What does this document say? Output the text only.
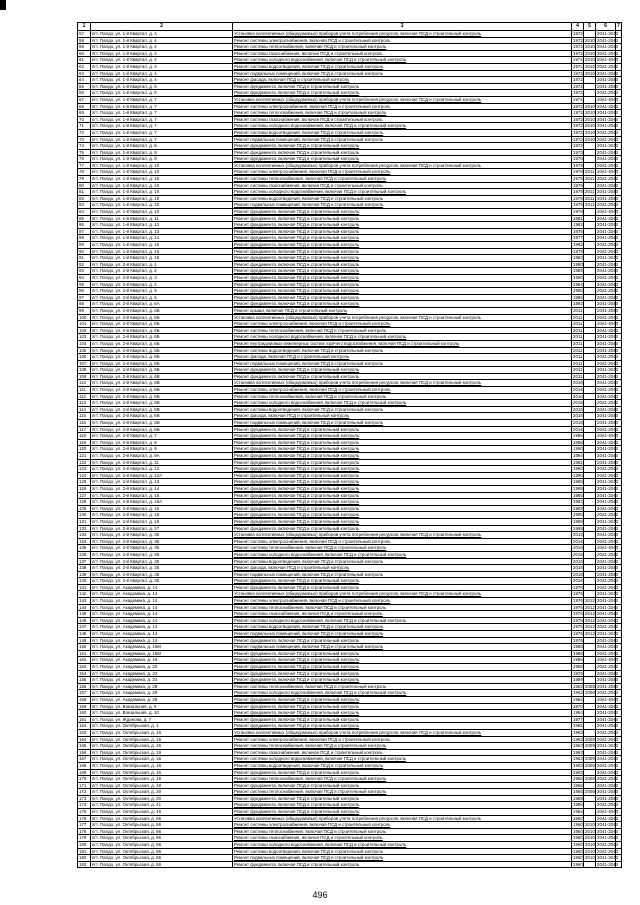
1	2	3	4	5	6	7
57	пгт. Палдо, ул. 1-й Квартал, д. 4	Установка коллективных (общедомовых) приборов учета потребления ресурсов, включая ПСД и строительный контроль	1972		2041-2043	
58	пгт. Палдо, ул. 1-й Квартал, д. 4	Ремонт системы электроснабжения, включая ПСД и строительный контроль	1972	2010	2041-2043	
59	пгт. Палдо, ул. 1-й Квартал, д. 4	Ремонт системы теплоснабжения, включая ПСД и строительный контроль	1972	2010	2041-2043	
60	пгт. Палдо, ул. 1-й Квартал, д. 4	Ремонт системы газоснабжения, включая ПСД и строительный контроль	1972	2010	2041-2043	
61	пгт. Палдо, ул. 1-й Квартал, д. 4	Ремонт системы холодного водоснабжения, включая ПСД и строительный контроль	1972	2010	2041-2043	
62	пгт. Палдо, ул. 1-й Квартал, д. 4	Ремонт системы водоотведения, включая ПСД и строительный контроль	1972	2010	2041-2043	
63	пгт. Палдо, ул. 1-й Квартал, д. 4	Ремонт подвальных помещений, включая ПСД и строительный контроль	1972	2010	2041-2043	
64	пгт. Палдо, ул. 1-й Квартал, д. 4	Ремонт фасада, включая ПСД и строительный контроль	1972		2041-2043	
65	пгт. Палдо, ул. 1-й Квартал, д. 5	Ремонт фундамента, включая ПСД и строительный контроль	1972		2041-2043	
66	пгт. Палдо, ул. 1-й Квартал, д. 6	Ремонт фундамента, включая ПСД и строительный контроль	1972		2041-2043	
67	пгт. Палдо, ул. 1-й Квартал, д. 7	Установка коллективных (общедомовых) приборов учета потребления ресурсов, включая ПСД и строительный контроль	1972		2041-2043	
68	пгт. Палдо, ул. 1-й Квартал, д. 7	Ремонт системы электроснабжения, включая ПСД и строительный контроль	1972	2010	2041-2043	
69	пгт. Палдо, ул. 1-й Квартал, д. 7	Ремонт системы теплоснабжения, включая ПСД и строительный контроль	1972	2010	2041-2043	
70	пгт. Палдо, ул. 1-й Квартал, д. 7	Ремонт системы газоснабжения, включая ПСД и строительный контроль	1972	2010	2041-2043	
71	пгт. Палдо, ул. 1-й Квартал, д. 7	Ремонт системы холодного водоснабжения, включая ПСД и строительный контроль	1972	2010	2041-2043	
72	пгт. Палдо, ул. 1-й Квартал, д. 7	Ремонт системы водоотведения, включая ПСД и строительный контроль	1972	2010	2041-2043	
73	пгт. Палдо, ул. 1-й Квартал, д. 7	Ремонт подвальных помещений, включая ПСД и строительный контроль	1972	2010	2041-2043	
74	пгт. Палдо, ул. 1-й Квартал, д. 8	Ремонт фундамента, включая ПСД и строительный контроль	1972		2041-2043	
75	пгт. Палдо, ул. 1-й Квартал, д. 9	Ремонт фундамента, включая ПСД и строительный контроль	1973		2041-2043	
76	пгт. Палдо, ул. 1-й Квартал, д. 9	Ремонт фундамента, включая ПСД и строительный контроль	1976		2041-2043	
77	пгт. Палдо, ул. 1-й Квартал, д. 10	Установка коллективных (общедомовых) приборов учета потребления ресурсов, включая ПСД и строительный контроль	1979		2041-2043	
78	пгт. Палдо, ул. 1-й Квартал, д. 10	Ремонт системы электроснабжения, включая ПСД и строительный контроль	1979	2011	2041-2043	
79	пгт. Палдо, ул. 1-й Квартал, д. 10	Ремонт системы теплоснабжения, включая ПСД и строительный контроль	1979	2011	2041-2043	
80	пгт. Палдо, ул. 1-й Квартал, д. 10	Ремонт системы газоснабжения, включая ПСД и строительный контроль	1979		2041-2043	
81	пгт. Палдо, ул. 1-й Квартал, д. 10	Ремонт системы холодного водоснабжения, включая ПСД и строительный контроль	1979	2011	2041-2043	
82	пгт. Палдо, ул. 1-й Квартал, д. 10	Ремонт системы водоотведения, включая ПСД и строительный контроль	1979	2011	2041-2043	
83	пгт. Палдо, ул. 1-й Квартал, д. 10	Ремонт подвальных помещений, включая ПСД и строительный контроль	1979	2011	2041-2043	
84	пгт. Палдо, ул. 1-й Квартал, д. 10	Ремонт фундамента, включая ПСД и строительный контроль	1979		2041-2043	
85	пгт. Палдо, ул. 1-й Квартал, д. 11	Ремонт фундамента, включая ПСД и строительный контроль	1981		2041-2043	
86	пгт. Палдо, ул. 1-й Квартал, д. 12	Ремонт фундамента, включая ПСД и строительный контроль	1982		2041-2043	
87	пгт. Палдо, ул. 1-й Квартал, д. 13	Ремонт фундамента, включая ПСД и строительный контроль	1975		2041-2043	
88	пгт. Палдо, ул. 1-й Квартал, д. 14	Ремонт фундамента, включая ПСД и строительный контроль	1977		2041-2043	
89	пгт. Палдо, ул. 1-й Квартал, д. 15	Ремонт фундамента, включая ПСД и строительный контроль	1982		2041-2043	
90	пгт. Палдо, ул. 1-й Квартал, д. 16	Ремонт фундамента, включая ПСД и строительный контроль	1978		2041-2043	
91	пгт. Палдо, ул. 1-й Квартал, д. 18	Ремонт фундамента, включая ПСД и строительный контроль	1982		2041-2043	
92	пгт. Палдо, ул. 2-й Квартал, д. 1	Ремонт фундамента, включая ПСД и строительный контроль	1990		2041-2043	
93	пгт. Палдо, ул. 2-й Квартал, д. 2	Ремонт фундамента, включая ПСД и строительный контроль	1989		2041-2043	
94	пгт. Палдо, ул. 2-й Квартал, д. 3	Ремонт фундамента, включая ПСД и строительный контроль	1990		2041-2043	
95	пгт. Палдо, ул. 2-й Квартал, д. 4	Ремонт фундамента, включая ПСД и строительный контроль	1984		2041-2043	
96	пгт. Палдо, ул. 2-й Квартал, д. 5	Ремонт фундамента, включая ПСД и строительный контроль	1985		2041-2043	
97	пгт. Палдо, ул. 2-й Квартал, д. 6	Ремонт фундамента, включая ПСД и строительный контроль	1986		2041-2043	
98	пгт. Палдо, ул. 2-й Квартал, д. 6А	Ремонт фундамента, включая ПСД и строительный контроль	1992		2041-2043	
99	пгт. Палдо, ул. 2-й Квартал, д. 6Б	Ремонт крыши, включая ПСД и строительный контроль	2011		2041-2043	
100	пгт. Палдо, ул. 2-й Квартал, д. 6Б	Установка коллективных (общедомовых) приборов учета потребления ресурсов, включая ПСД и строительный контроль	2011		2041-2043	
101	пгт. Палдо, ул. 2-й Квартал, д. 6Б	Ремонт системы электроснабжения, включая ПСД и строительный контроль	2011		2041-2043	
102	пгт. Палдо, ул. 2-й Квартал, д. 6Б	Ремонт системы теплоснабжения, включая ПСД и строительный контроль	2011		2041-2043	
103	пгт. Палдо, ул. 2-й Квартал, д. 6Б	Ремонт системы холодного водоснабжения, включая ПСД и строительный контроль	2011		2041-2043	
104	пгт. Палдо, ул. 2-й Квартал, д. 6Б	Ремонт внутридомовых инженерных систем горячего водоснабжения, включая ПСД и строительный контроль	2011		2041-2043	
105	пгт. Палдо, ул. 2-й Квартал, д. 6Б	Ремонт системы водоотведения, включая ПСД и строительный контроль	2011		2041-2043	
106	пгт. Палдо, ул. 2-й Квартал, д. 6Б	Ремонт фасада, включая ПСД и строительный контроль	2011		2041-2043	
107	пгт. Палдо, ул. 2-й Квартал, д. 6Б	Ремонт подвальных помещений, включая ПСД и строительный контроль	2011		2041-2043	
108	пгт. Палдо, ул. 2-й Квартал, д. 6Б	Ремонт фундамента, включая ПСД и строительный контроль	2011		2041-2043	
109	пгт. Палдо, ул. 2-й Квартал, д. 6В	Ремонт фундамента, включая ПСД и строительный контроль	2011		2041-2043	
110	пгт. Палдо, ул. 2-й Квартал, д. 6В	Установка коллективных (общедомовых) приборов учета потребления ресурсов, включая ПСД и строительный контроль	2016		2041-2043	
111	пгт. Палдо, ул. 2-й Квартал, д. 6В	Ремонт системы электроснабжения, включая ПСД и строительный контроль	2016		2041-2043	
112	пгт. Палдо, ул. 2-й Квартал, д. 6В	Ремонт системы теплоснабжения, включая ПСД и строительный контроль	2016		2041-2043	
113	пгт. Палдо, ул. 2-й Квартал, д. 6В	Ремонт системы холодного водоснабжения, включая ПСД и строительный контроль	2016		2041-2043	
114	пгт. Палдо, ул. 2-й Квартал, д. 6В	Ремонт системы водоотведения, включая ПСД и строительный контроль	2016		2041-2043	
115	пгт. Палдо, ул. 2-й Квартал, д. 6В	Ремонт фасада, включая ПСД и строительный контроль	2016		2041-2043	
116	пгт. Палдо, ул. 2-й Квартал, д. 6В	Ремонт подвальных помещений, включая ПСД и строительный контроль	2016		2041-2043	
117	пгт. Палдо, ул. 2-й Квартал, д. 6В	Ремонт фундамента, включая ПСД и строительный контроль	2016		2041-2043	
118	пгт. Палдо, ул. 2-й Квартал, д. 7	Ремонт фундамента, включая ПСД и строительный контроль	1986		2041-2043	
119	пгт. Палдо, ул. 2-й Квартал, д. 8	Ремонт фундамента, включая ПСД и строительный контроль	1988		2041-2043	
120	пгт. Палдо, ул. 2-й Квартал, д. 9	Ремонт фундамента, включая ПСД и строительный контроль	1990		2041-2043	
121	пгт. Палдо, ул. 2-й Квартал, д. 9А	Ремонт фундамента, включая ПСД и строительный контроль	1994		2041-2043	
122	пгт. Палдо, ул. 2-й Квартал, д. 11	Ремонт фундамента, включая ПСД и строительный контроль	1981		2041-2043	
123	пгт. Палдо, ул. 2-й Квартал, д. 12	Ремонт фундамента, включая ПСД и строительный контроль	1980		2041-2043	
124	пгт. Палдо, ул. 2-й Квартал, д. 12А	Ремонт фундамента, включая ПСД и строительный контроль	1990		2041-2043	
125	пгт. Палдо, ул. 2-й Квартал, д. 13	Ремонт фундамента, включая ПСД и строительный контроль	1985		2041-2043	
126	пгт. Палдо, ул. 2-й Квартал, д. 14	Ремонт фундамента, включая ПСД и строительный контроль	1989		2041-2043	
127	пгт. Палдо, ул. 2-й Квартал, д. 15	Ремонт фундамента, включая ПСД и строительный контроль	1985		2041-2043	
128	пгт. Палдо, ул. 2-й Квартал, д. 15А	Ремонт фундамента, включая ПСД и строительный контроль	1983		2041-2043	
129	пгт. Палдо, ул. 2-й Квартал, д. 16	Ремонт фундамента, включая ПСД и строительный контроль	1993		2041-2043	
130	пгт. Палдо, ул. 2-й Квартал, д. 18	Ремонт фундамента, включая ПСД и строительный контроль	1995		2041-2043	
131	пгт. Палдо, ул. 2-й Квартал, д. 19	Ремонт фундамента, включая ПСД и строительный контроль	1989		2041-2043	
132	пгт. Палдо, ул. 2-й Квартал, д. 27	Ремонт фундамента, включая ПСД и строительный контроль	1995		2041-2043	
133	пгт. Палдо, ул. 2-й Квартал, д. 35	Установка коллективных (общедомовых) приборов учета потребления ресурсов, включая ПСД и строительный контроль	2016		2041-2043	
134	пгт. Палдо, ул. 2-й Квартал, д. 35	Ремонт системы электроснабжения, включая ПСД и строительный контроль	2016		2041-2043	
135	пгт. Палдо, ул. 2-й Квартал, д. 35	Ремонт системы теплоснабжения, включая ПСД и строительный контроль	2016		2041-2043	
136	пгт. Палдо, ул. 2-й Квартал, д. 35	Ремонт системы холодного водоснабжения, включая ПСД и строительный контроль	2016		2041-2043	
137	пгт. Палдо, ул. 2-й Квартал, д. 35	Ремонт системы водоотведения, включая ПСД и строительный контроль	2016		2041-2043	
138	пгт. Палдо, ул. 2-й Квартал, д. 35	Ремонт фасада, включая ПСД и строительный контроль	2016		2041-2043	
139	пгт. Палдо, ул. 2-й Квартал, д. 35	Ремонт подвальных помещений, включая ПСД и строительный контроль	2016		2041-2043	
140	пгт. Палдо, ул. 2-й Квартал, д. 35	Ремонт фундамента, включая ПСД и строительный контроль	2016		2041-2043	
141	пгт. Палдо, ул. Академика, д. 14	Ремонт фундамента, включая ПСД и строительный контроль	1976		2041-2043	
142	пгт. Палдо, ул. Академика, д. 14	Установка коллективных (общедомовых) приборов учета потребления ресурсов, включая ПСД и строительный контроль	1976		2041-2043	
143	пгт. Палдо, ул. Академика, д. 14	Ремонт системы электроснабжения, включая ПСД и строительный контроль	1976	2012	2041-2043	
144	пгт. Палдо, ул. Академика, д. 14	Ремонт системы теплоснабжения, включая ПСД и строительный контроль	1976	2012	2041-2043	
145	пгт. Палдо, ул. Академика, д. 14	Ремонт системы газоснабжения, включая ПСД и строительный контроль	1976	2012	2041-2043	
146	пгт. Палдо, ул. Академика, д. 14	Ремонт системы холодного водоснабжения, включая ПСД и строительный контроль	1976	2012	2041-2043	
147	пгт. Палдо, ул. Академика, д. 14	Ремонт системы водоотведения, включая ПСД и строительный контроль	1976	2012	2041-2043	
148	пгт. Палдо, ул. Академика, д. 14	Ремонт подвальных помещений, включая ПСД и строительный контроль	1976	2012	2041-2043	
149	пгт. Палдо, ул. Академика, д. 14	Ремонт фундамента, включая ПСД и строительный контроль	1976		2041-2043	
150	пгт. Палдо, ул. Академика, д. 16М	Ремонт подвальных помещений, включая ПСД и строительный контроль	1988		2041-2043	
151	пгт. Палдо, ул. Академика, д. 16М	Ремонт фундамента, включая ПСД и строительный контроль	1988		2041-2043	
152	пгт. Палдо, ул. Академика, д. 18	Ремонт фундамента, включая ПСД и строительный контроль	1986		2041-2043	
153	пгт. Палдо, ул. Академика, д. 20	Ремонт фундамента, включая ПСД и строительный контроль	1988		2041-2043	
154	пгт. Палдо, ул. Академика, д. 22	Ремонт фундамента, включая ПСД и строительный контроль	1976		2041-2043	
155	пгт. Палдо, ул. Академика, д. 24	Ремонт фундамента, включая ПСД и строительный контроль	1989		2041-2043	
156	пгт. Палдо, ул. Академика, д. 28	Ремонт системы теплоснабжения, включая ПСД и строительный контроль	1962	2008	2041-2043	
157	пгт. Палдо, ул. Академика, д. 28	Ремонт системы холодного водоснабжения, включая ПСД и строительный контроль	1962	2008	2041-2043	
158	пгт. Палдо, ул. Академика, д. 28	Ремонт фундамента, включая ПСД и строительный контроль	1962		2041-2043	
159	пгт. Палдо, ул. Вокзальная, д. 8	Ремонт фундамента, включая ПСД и строительный контроль	1970		2041-2043	
160	пгт. Палдо, ул. Вокзальная, д. 10	Ремонт фундамента, включая ПСД и строительный контроль	1964		2041-2043	
161	пгт. Палдо, ул. Жданова, д. 7	Ремонт фундамента, включая ПСД и строительный контроль	1977		2041-2043	
162	пгт. Палдо, ул. Октябрьская, д. 1	Ремонт фундамента, включая ПСД и строительный контроль	1985		2041-2043	
163	пгт. Палдо, ул. Октябрьская, д. 16	Установка коллективных (общедомовых) приборов учета потребления ресурсов, включая ПСД и строительный контроль	1963		2041-2043	
164	пгт. Палдо, ул. Октябрьская, д. 16	Ремонт системы электроснабжения, включая ПСД и строительный контроль	1963	2009	2041-2043	
165	пгт. Палдо, ул. Октябрьская, д. 16	Ремонт системы теплоснабжения, включая ПСД и строительный контроль	1963	2009	2041-2043	
166	пгт. Палдо, ул. Октябрьская, д. 16	Ремонт системы газоснабжения, включая ПСД и строительный контроль	1963		2041-2043	
167	пгт. Палдо, ул. Октябрьская, д. 16	Ремонт системы холодного водоснабжения, включая ПСД и строительный контроль	1963	2009	2041-2043	
168	пгт. Палдо, ул. Октябрьская, д. 16	Ремонт системы водоотведения, включая ПСД и строительный контроль	1963	2009	2041-2043	
169	пгт. Палдо, ул. Октябрьская, д. 16	Ремонт фундамента, включая ПСД и строительный контроль	1963		2041-2043	
170	пгт. Палдо, ул. Октябрьская, д. 18	Ремонт системы теплоснабжения, включая ПСД и строительный контроль	1966	2008	2041-2043	
171	пгт. Палдо, ул. Октябрьская, д. 18	Ремонт фундамента, включая ПСД и строительный контроль	1966		2041-2043	
172	пгт. Палдо, ул. Октябрьская, д. 20	Ремонт системы теплоснабжения, включая ПСД и строительный контроль	1965	2008	2041-2043	
173	пгт. Палдо, ул. Октябрьская, д. 20	Ремонт фундамента, включая ПСД и строительный контроль	1965		2041-2043	
174	пгт. Палдо, ул. Октябрьская, д. 41	Ремонт фундамента, включая ПСД и строительный контроль	1986		2041-2043	
175	пгт. Палдо, ул. Октябрьская, д. 49	Ремонт фундамента, включая ПСД и строительный контроль	1984		2041-2043	
176	пгт. Палдо, ул. Октябрьская, д. 66	Установка коллективных (общедомовых) приборов учета потребления ресурсов, включая ПСД и строительный контроль	1960		2041-2043	
177	пгт. Палдо, ул. Октябрьская, д. 66	Ремонт системы электроснабжения, включая ПСД и строительный контроль	1960	2010	2041-2043	
178	пгт. Палдо, ул. Октябрьская, д. 66	Ремонт системы теплоснабжения, включая ПСД и строительный контроль	1960	2010	2041-2043	
179	пгт. Палдо, ул. Октябрьская, д. 66	Ремонт системы газоснабжения, включая ПСД и строительный контроль	1960	2010	2041-2043	
180	пгт. Палдо, ул. Октябрьская, д. 66	Ремонт системы холодного водоснабжения, включая ПСД и строительный контроль	1960	2010	2041-2043	
181	пгт. Палдо, ул. Октябрьская, д. 66	Ремонт системы водоотведения, включая ПСД и строительный контроль	1960	2010	2041-2043	
182	пгт. Палдо, ул. Октябрьская, д. 66	Ремонт подвальных помещений, включая ПСД и строительный контроль	1960	2010	2041-2043	
183	пгт. Палдо, ул. Октябрьская, д. 66	Ремонт фундамента, включая ПСД и строительный контроль	1960		2041-2043	
496
